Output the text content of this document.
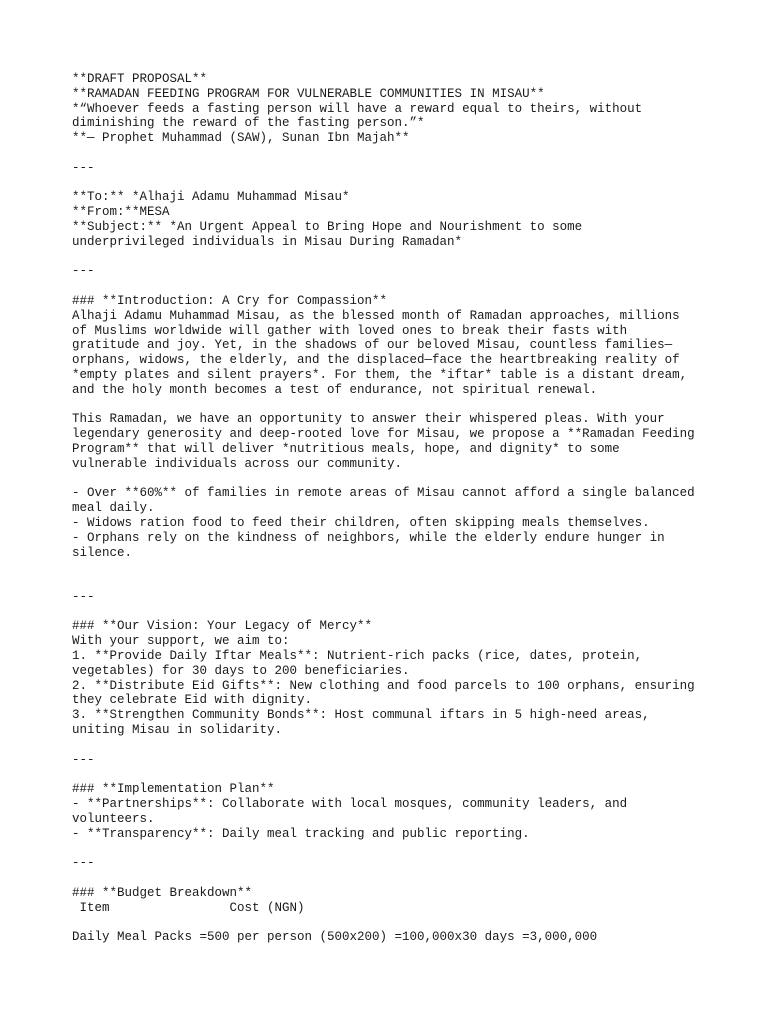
**DRAFT PROPOSAL**
**RAMADAN FEEDING PROGRAM FOR VULNERABLE COMMUNITIES IN MISAU**
*“Whoever feeds a fasting person will have a reward equal to theirs, without
diminishing the reward of the fasting person.”*
**— Prophet Muhammad (SAW), Sunan Ibn Majah**
---
**To:** *Alhaji Adamu Muhammad Misau*
**From:**MESA
**Subject:** *An Urgent Appeal to Bring Hope and Nourishment to some
underprivileged individuals in Misau During Ramadan*
---
### **Introduction: A Cry for Compassion**
Alhaji Adamu Muhammad Misau, as the blessed month of Ramadan approaches, millions
of Muslims worldwide will gather with loved ones to break their fasts with
gratitude and joy. Yet, in the shadows of our beloved Misau, countless families—
orphans, widows, the elderly, and the displaced—face the heartbreaking reality of
*empty plates and silent prayers*. For them, the *iftar* table is a distant dream,
and the holy month becomes a test of endurance, not spiritual renewal.
This Ramadan, we have an opportunity to answer their whispered pleas. With your
legendary generosity and deep-rooted love for Misau, we propose a **Ramadan Feeding
Program** that will deliver *nutritious meals, hope, and dignity* to some
vulnerable individuals across our community.
- Over **60%** of families in remote areas of Misau cannot afford a single balanced
meal daily.
- Widows ration food to feed their children, often skipping meals themselves.
- Orphans rely on the kindness of neighbors, while the elderly endure hunger in
silence.
---
### **Our Vision: Your Legacy of Mercy**
With your support, we aim to:
1. **Provide Daily Iftar Meals**: Nutrient-rich packs (rice, dates, protein,
vegetables) for 30 days to 200 beneficiaries.
2. **Distribute Eid Gifts**: New clothing and food parcels to 100 orphans, ensuring
they celebrate Eid with dignity.
3. **Strengthen Community Bonds**: Host communal iftars in 5 high-need areas,
uniting Misau in solidarity.
---
### **Implementation Plan**
- **Partnerships**: Collaborate with local mosques, community leaders, and
volunteers.
- **Transparency**: Daily meal tracking and public reporting.
---
### **Budget Breakdown**
Item                Cost (NGN)
Daily Meal Packs =500 per person (500x200) =100,000x30 days =3,000,000
